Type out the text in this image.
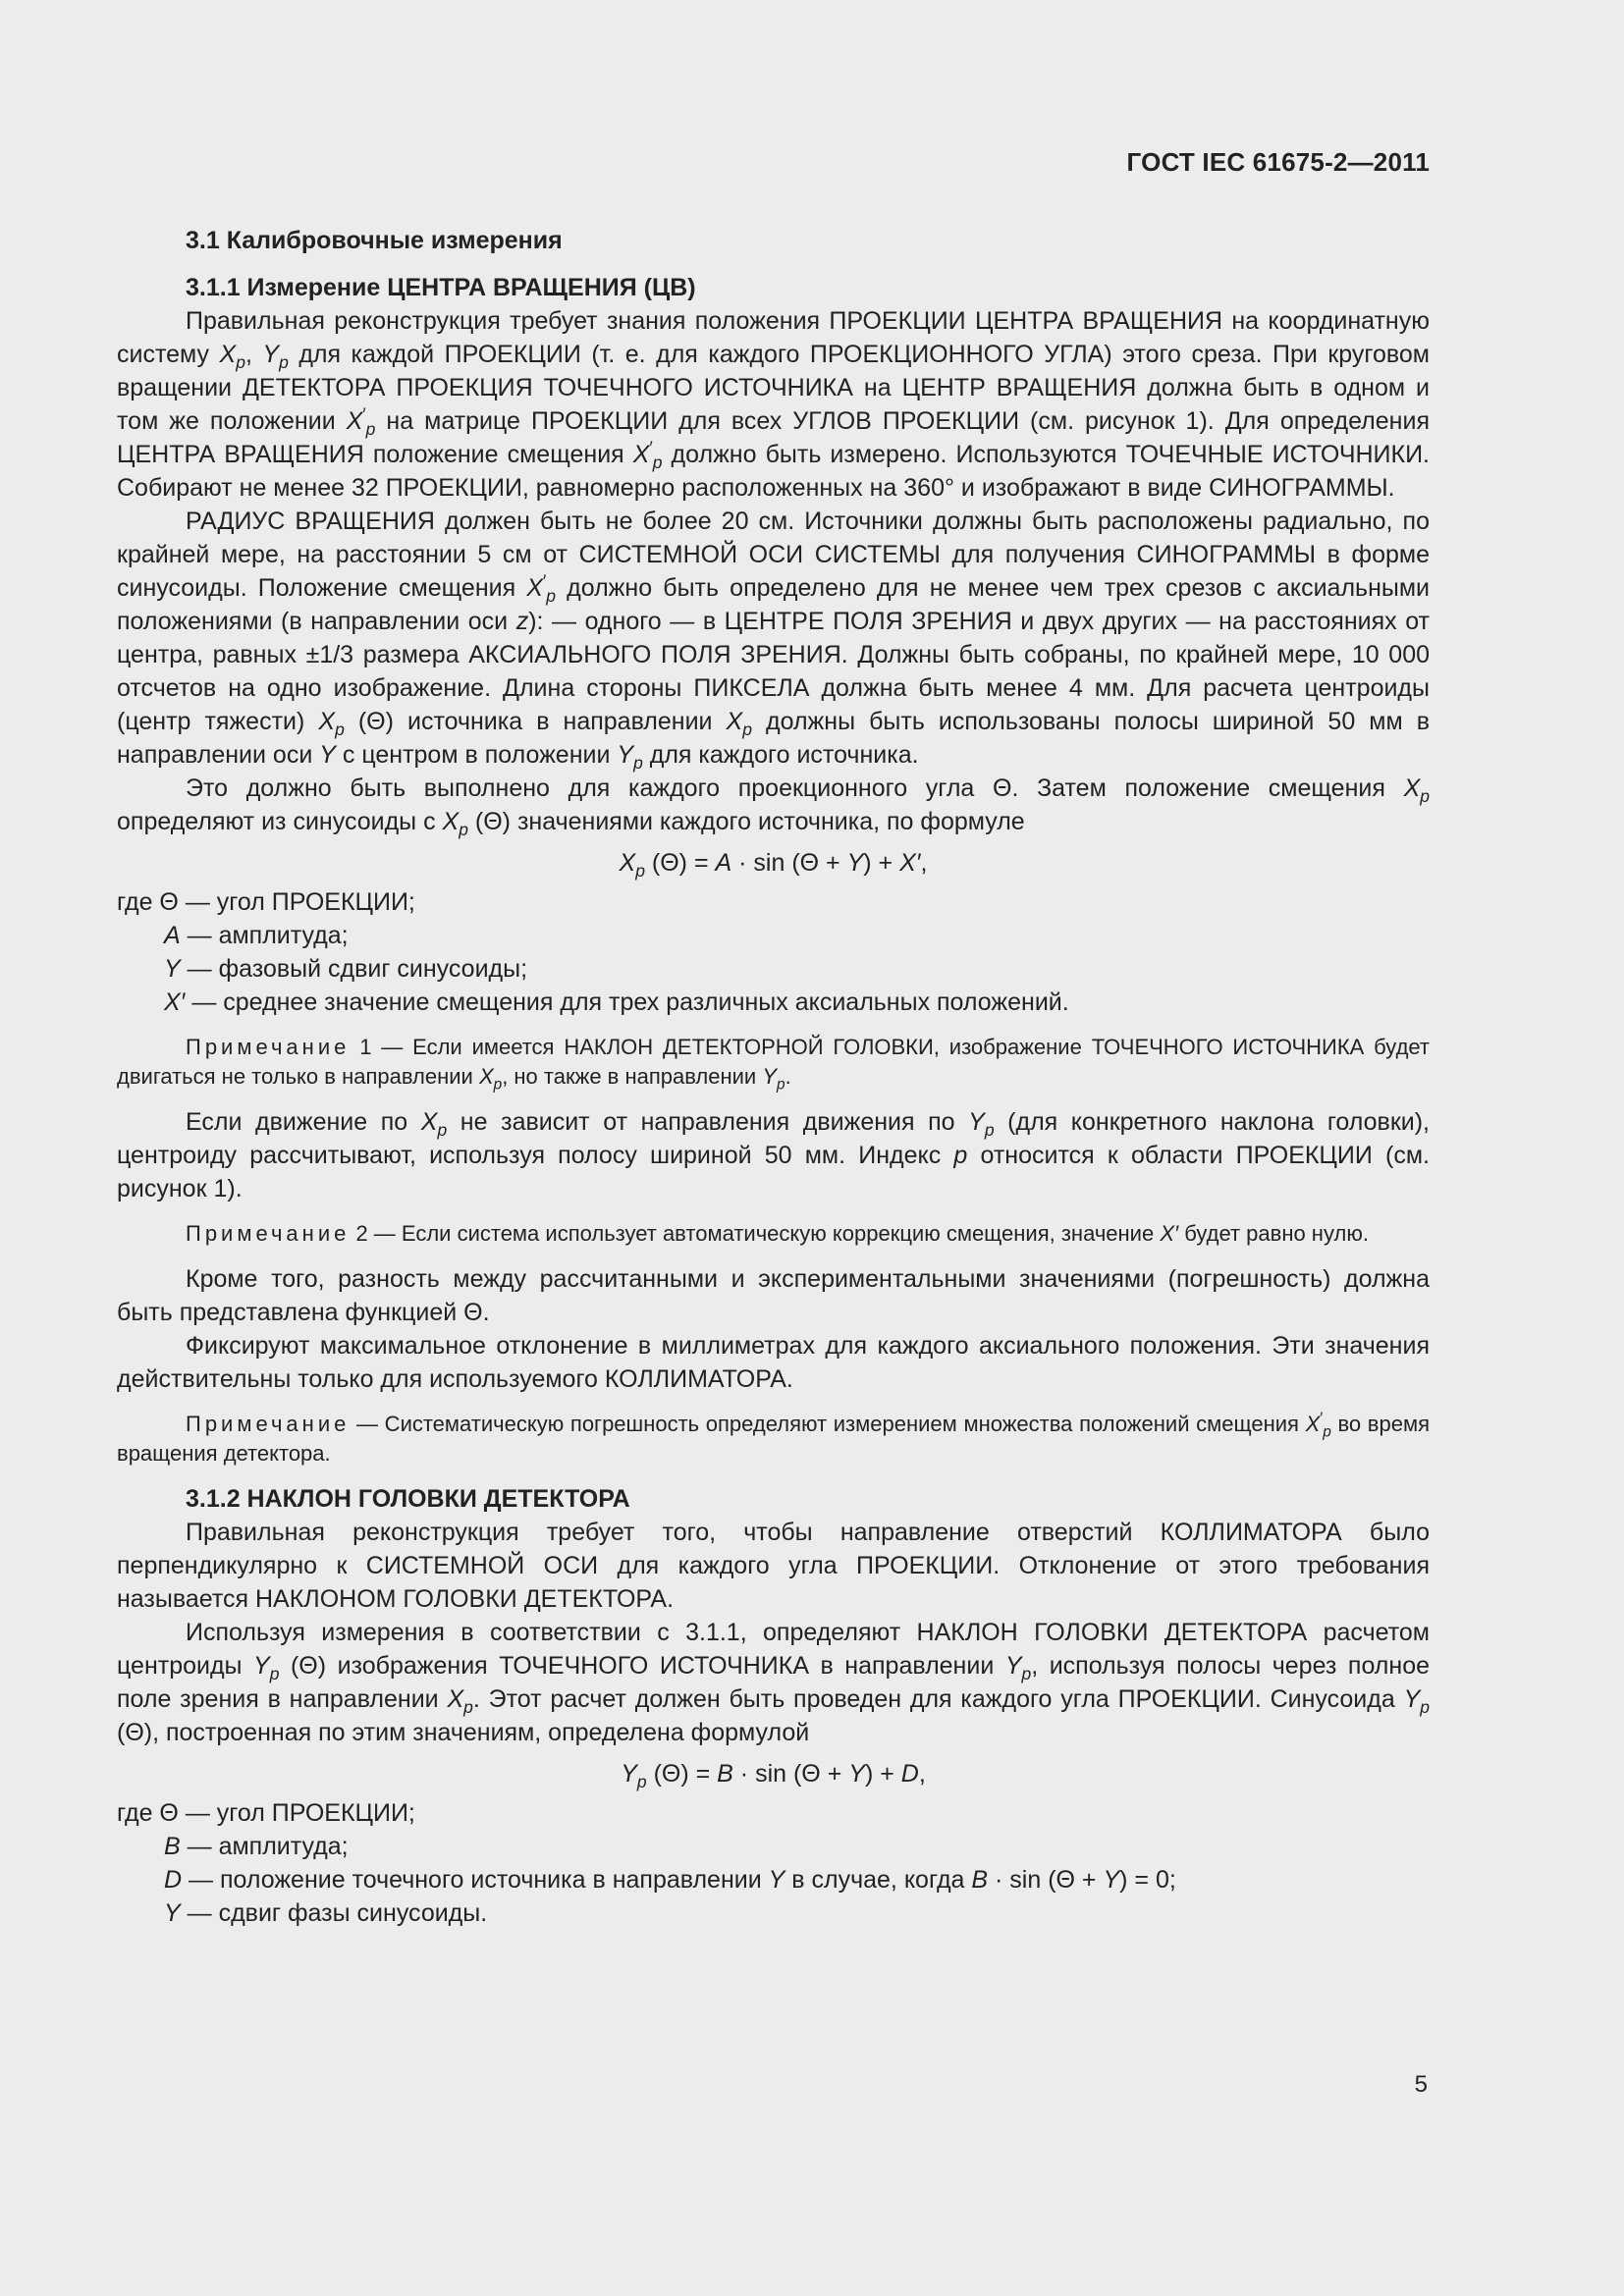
ГОСТ IEC 61675-2—2011
3.1 Калибровочные измерения
3.1.1 Измерение ЦЕНТРА ВРАЩЕНИЯ (ЦВ)

Правильная реконструкция требует знания положения ПРОЕКЦИИ ЦЕНТРА ВРАЩЕНИЯ на координатную систему $X_p$, $Y_p$ для каждой ПРОЕКЦИИ (т. е. для каждого ПРОЕКЦИОННОГО УГЛА) этого среза. При круговом вращении ДЕТЕКТОРА ПРОЕКЦИЯ ТОЧЕЧНОГО ИСТОЧНИКА на ЦЕНТР ВРАЩЕНИЯ должна быть в одном и том же положении $X'_p$ на матрице ПРОЕКЦИИ для всех УГЛОВ ПРОЕКЦИИ (см. рисунок 1). Для определения ЦЕНТРА ВРАЩЕНИЯ положение смещения $X'_p$ должно быть измерено. Используются ТОЧЕЧНЫЕ ИСТОЧНИКИ. Собирают не менее 32 ПРОЕКЦИИ, равномерно расположенных на 360° и изображают в виде СИНОГРАММЫ.

РАДИУС ВРАЩЕНИЯ должен быть не более 20 см. Источники должны быть расположены радиально, по крайней мере, на расстоянии 5 см от СИСТЕМНОЙ ОСИ СИСТЕМЫ для получения СИНОГРАММЫ в форме синусоиды. Положение смещения $X'_p$ должно быть определено для не менее чем трех срезов с аксиальными положениями (в направлении оси z): — одного — в ЦЕНТРЕ ПОЛЯ ЗРЕНИЯ и двух других — на расстояниях от центра, равных ±1/3 размера АКСИАЛЬНОГО ПОЛЯ ЗРЕНИЯ. Должны быть собраны, по крайней мере, 10 000 отсчетов на одно изображение. Длина стороны ПИКСЕЛА должна быть менее 4 мм. Для расчета центроиды (центр тяжести) $X_p$ (Θ) источника в направлении $X_p$ должны быть использованы полосы шириной 50 мм в направлении оси Y с центром в положении $Y_p$ для каждого источника.

Это должно быть выполнено для каждого проекционного угла Θ. Затем положение смещения $X_p$ определяют из синусоиды с $X_p$ (Θ) значениями каждого источника, по формуле

$X_p$ (Θ) = A · sin (Θ + Y) + X′,
где Θ — угол ПРОЕКЦИИ;
A — амплитуда;
Y — фазовый сдвиг синусоиды;
X′ — среднее значение смещения для трех различных аксиальных положений.
Примечание 1 — Если имеется НАКЛОН ДЕТЕКТОРНОЙ ГОЛОВКИ, изображение ТОЧЕЧНОГО ИСТОЧНИКА будет двигаться не только в направлении $X_p$, но также в направлении $Y_p$.

Если движение по $X_p$ не зависит от направления движения по $Y_p$ (для конкретного наклона головки), центроиду рассчитывают, используя полосу шириной 50 мм. Индекс p относится к области ПРОЕКЦИИ (см. рисунок 1).

Примечание 2 — Если система использует автоматическую коррекцию смещения, значение X′ будет равно нулю.

Кроме того, разность между рассчитанными и экспериментальными значениями (погрешность) должна быть представлена функцией Θ.

Фиксируют максимальное отклонение в миллиметрах для каждого аксиального положения. Эти значения действительны только для используемого КОЛЛИМАТОРА.

Примечание — Систематическую погрешность определяют измерением множества положений смещения $X'_p$ во время вращения детектора.
3.1.2 НАКЛОН ГОЛОВКИ ДЕТЕКТОРА

Правильная реконструкция требует того, чтобы направление отверстий КОЛЛИМАТОРА было перпендикулярно к СИСТЕМНОЙ ОСИ для каждого угла ПРОЕКЦИИ. Отклонение от этого требования называется НАКЛОНОМ ГОЛОВКИ ДЕТЕКТОРА.

Используя измерения в соответствии с 3.1.1, определяют НАКЛОН ГОЛОВКИ ДЕТЕКТОРА расчетом центроиды $Y_p$ (Θ) изображения ТОЧЕЧНОГО ИСТОЧНИКА в направлении $Y_p$, используя полосы через полное поле зрения в направлении $X_p$. Этот расчет должен быть проведен для каждого угла ПРОЕКЦИИ. Синусоида $Y_p$ (Θ), построенная по этим значениям, определена формулой

$Y_p$ (Θ) = B · sin (Θ + Y) + D,
где Θ — угол ПРОЕКЦИИ;
B — амплитуда;
D — положение точечного источника в направлении Y в случае, когда B · sin (Θ + Y) = 0;
Y — сдвиг фазы синусоиды.
5
